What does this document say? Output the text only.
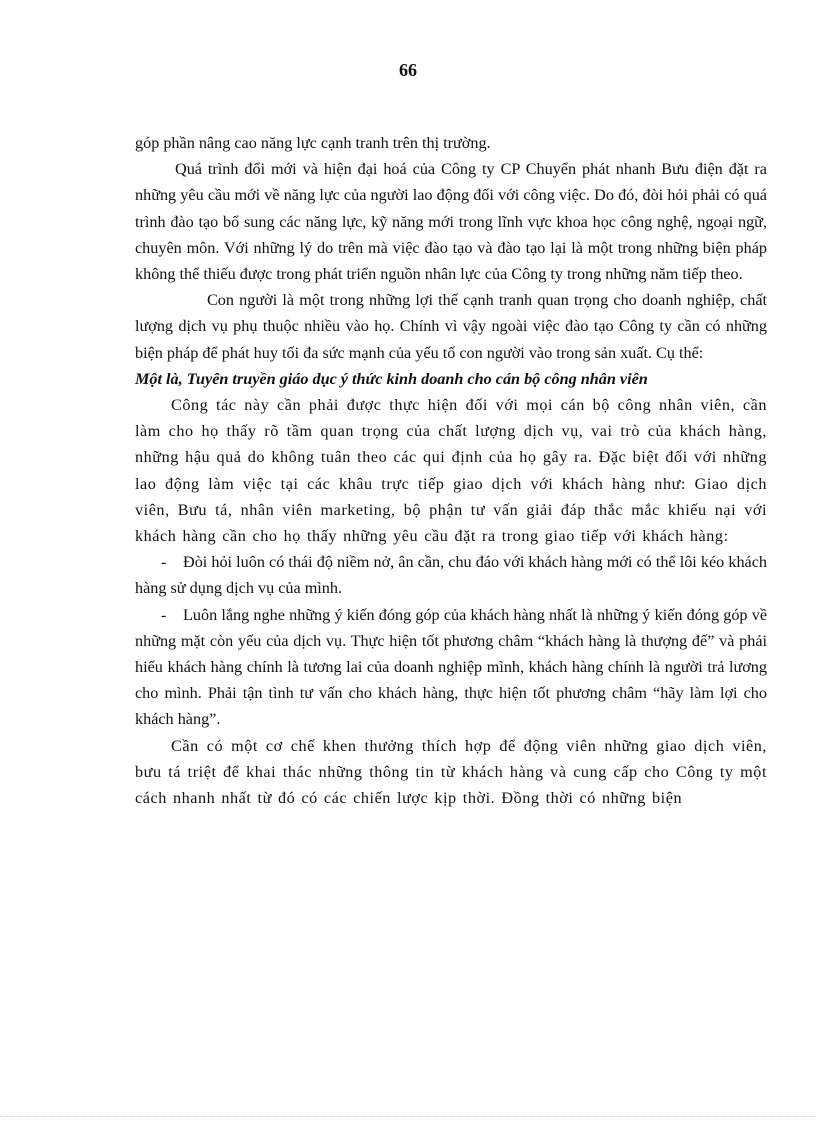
66

góp phần nâng cao năng lực cạnh tranh trên thị trường.

Quá trình đổi mới và hiện đại hoá của Công ty CP Chuyển phát nhanh Bưu điện đặt ra những yêu cầu mới về năng lực của người lao động đối với công việc. Do đó, đòi hỏi phải có quá trình đào tạo bổ sung các năng lực, kỹ năng mới trong lĩnh vực khoa học công nghệ, ngoại ngữ, chuyên môn. Với những lý do trên mà việc đào tạo và đào tạo lại là một trong những biện pháp không thể thiếu được trong phát triển nguồn nhân lực của Công ty trong những năm tiếp theo.

Con người là một trong những lợi thế cạnh tranh quan trọng cho doanh nghiệp, chất lượng dịch vụ phụ thuộc nhiều vào họ. Chính vì vậy ngoài việc đào tạo Công ty cần có những biện pháp để phát huy tối đa sức mạnh của yếu tố con người vào trong sản xuất. Cụ thể:

Một là, Tuyên truyền giáo dục ý thức kinh doanh cho cán bộ công nhân viên

Công tác này cần phải được thực hiện đối với mọi cán bộ công nhân viên, cần làm cho họ thấy rõ tầm quan trọng của chất lượng dịch vụ, vai trò của khách hàng, những hậu quả do không tuân theo các qui định của họ gây ra. Đặc biệt đối với những lao động làm việc tại các khâu trực tiếp giao dịch với khách hàng như: Giao dịch viên, Bưu tá, nhân viên marketing, bộ phận tư vấn giải đáp thắc mắc khiếu nại với khách hàng cần cho họ thấy những yêu cầu đặt ra trong giao tiếp với khách hàng:

- Đòi hỏi luôn có thái độ niềm nở, ân cần, chu đáo với khách hàng mới có thể lôi kéo khách hàng sử dụng dịch vụ của mình.

- Luôn lắng nghe những ý kiến đóng góp của khách hàng nhất là những ý kiến đóng góp về những mặt còn yếu của dịch vụ. Thực hiện tốt phương châm “khách hàng là thượng đế” và phải hiểu khách hàng chính là tương lai của doanh nghiệp mình, khách hàng chính là người trả lương cho mình. Phải tận tình tư vấn cho khách hàng, thực hiện tốt phương châm “hãy làm lợi cho khách hàng”.

Cần có một cơ chế khen thưởng thích hợp để động viên những giao dịch viên, bưu tá triệt để khai thác những thông tin từ khách hàng và cung cấp cho Công ty một cách nhanh nhất từ đó có các chiến lược kịp thời. Đồng thời có những biện
